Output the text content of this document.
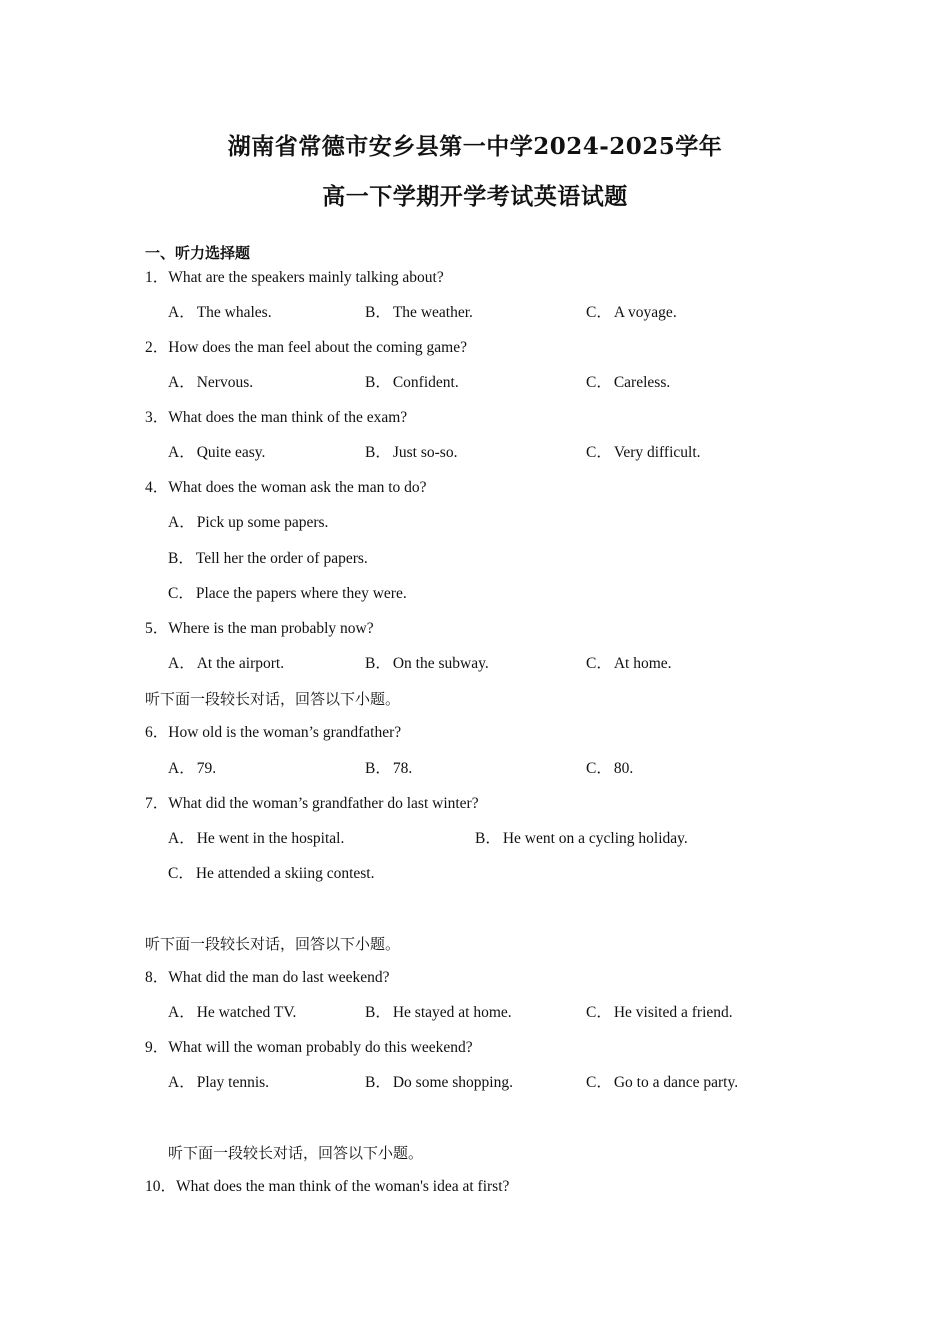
湖南省常德市安乡县第一中学2024-2025学年
高一下学期开学考试英语试题
一、听力选择题
1．What are the speakers mainly talking about?
A． The whales.	B． The weather.	C． A voyage.
2．How does the man feel about the coming game?
A． Nervous.	B． Confident.	C． Careless.
3．What does the man think of the exam?
A． Quite easy.	B． Just so-so.	C． Very difficult.
4．What does the woman ask the man to do?
A． Pick up some papers.
B． Tell her the order of papers.
C． Place the papers where they were.
5．Where is the man probably now?
A． At the airport.	B． On the subway.	C． At home.
听下面一段较长对话，回答以下小题。
6．How old is the woman’s grandfather?
A． 79.	B． 78.	C． 80.
7．What did the woman’s grandfather do last winter?
A． He went in the hospital.	B． He went on a cycling holiday.
C． He attended a skiing contest.
听下面一段较长对话，回答以下小题。
8．What did the man do last weekend?
A． He watched TV.	B． He stayed at home.	C． He visited a friend.
9．What will the woman probably do this weekend?
A． Play tennis.	B． Do some shopping.	C． Go to a dance party.
听下面一段较长对话，回答以下小题。
10．What does the man think of the woman's idea at first?
